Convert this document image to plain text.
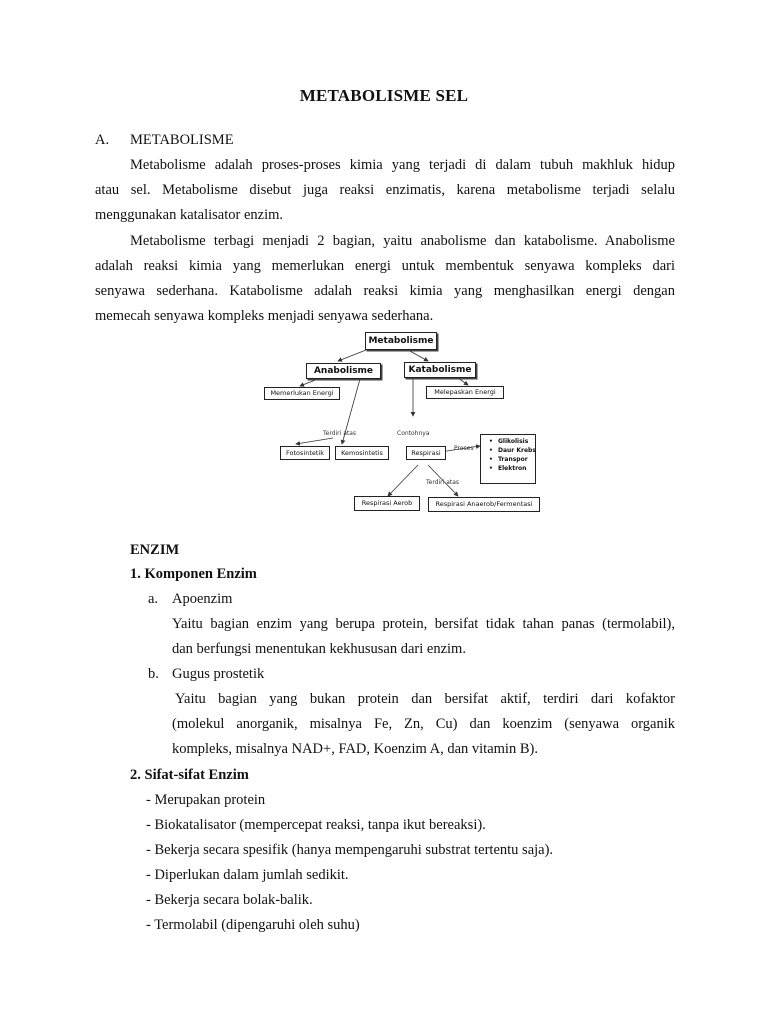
METABOLISME SEL
A. METABOLISME
Metabolisme adalah proses-proses kimia yang terjadi di dalam tubuh makhluk hidup
atau sel. Metabolisme disebut juga reaksi enzimatis, karena metabolisme terjadi selalu
menggunakan katalisator enzim.
Metabolisme terbagi menjadi 2 bagian, yaitu anabolisme dan katabolisme. Anabolisme
adalah reaksi kimia yang memerlukan energi untuk membentuk senyawa kompleks dari
senyawa sederhana. Katabolisme adalah reaksi kimia yang menghasilkan energi dengan
memecah senyawa kompleks menjadi senyawa sederhana.
Metabolisme
Anabolisme	Katabolisme
Memerlukan Energi	Melepaskan Energi
Terdiri atas	Contohnya
Fotosintetik	Kemosintetis	Respirasi
Proses
• Glikolisis
• Daur Krebs
• Transpor
• Elektron
Terdiri atas
Respirasi Aerob	Respirasi Anaerob/Fermentasi
ENZIM
1. Komponen Enzim
a. Apoenzim
Yaitu bagian enzim yang berupa protein, bersifat tidak tahan panas (termolabil),
dan berfungsi menentukan kekhususan dari enzim.
b. Gugus prostetik
Yaitu bagian yang bukan protein dan bersifat aktif, terdiri dari kofaktor
(molekul anorganik, misalnya Fe, Zn, Cu) dan koenzim (senyawa organik
kompleks, misalnya NAD+, FAD, Koenzim A, dan vitamin B).
2. Sifat-sifat Enzim
- Merupakan protein
- Biokatalisator (mempercepat reaksi, tanpa ikut bereaksi).
- Bekerja secara spesifik (hanya mempengaruhi substrat tertentu saja).
- Diperlukan dalam jumlah sedikit.
- Bekerja secara bolak-balik.
- Termolabil (dipengaruhi oleh suhu)
